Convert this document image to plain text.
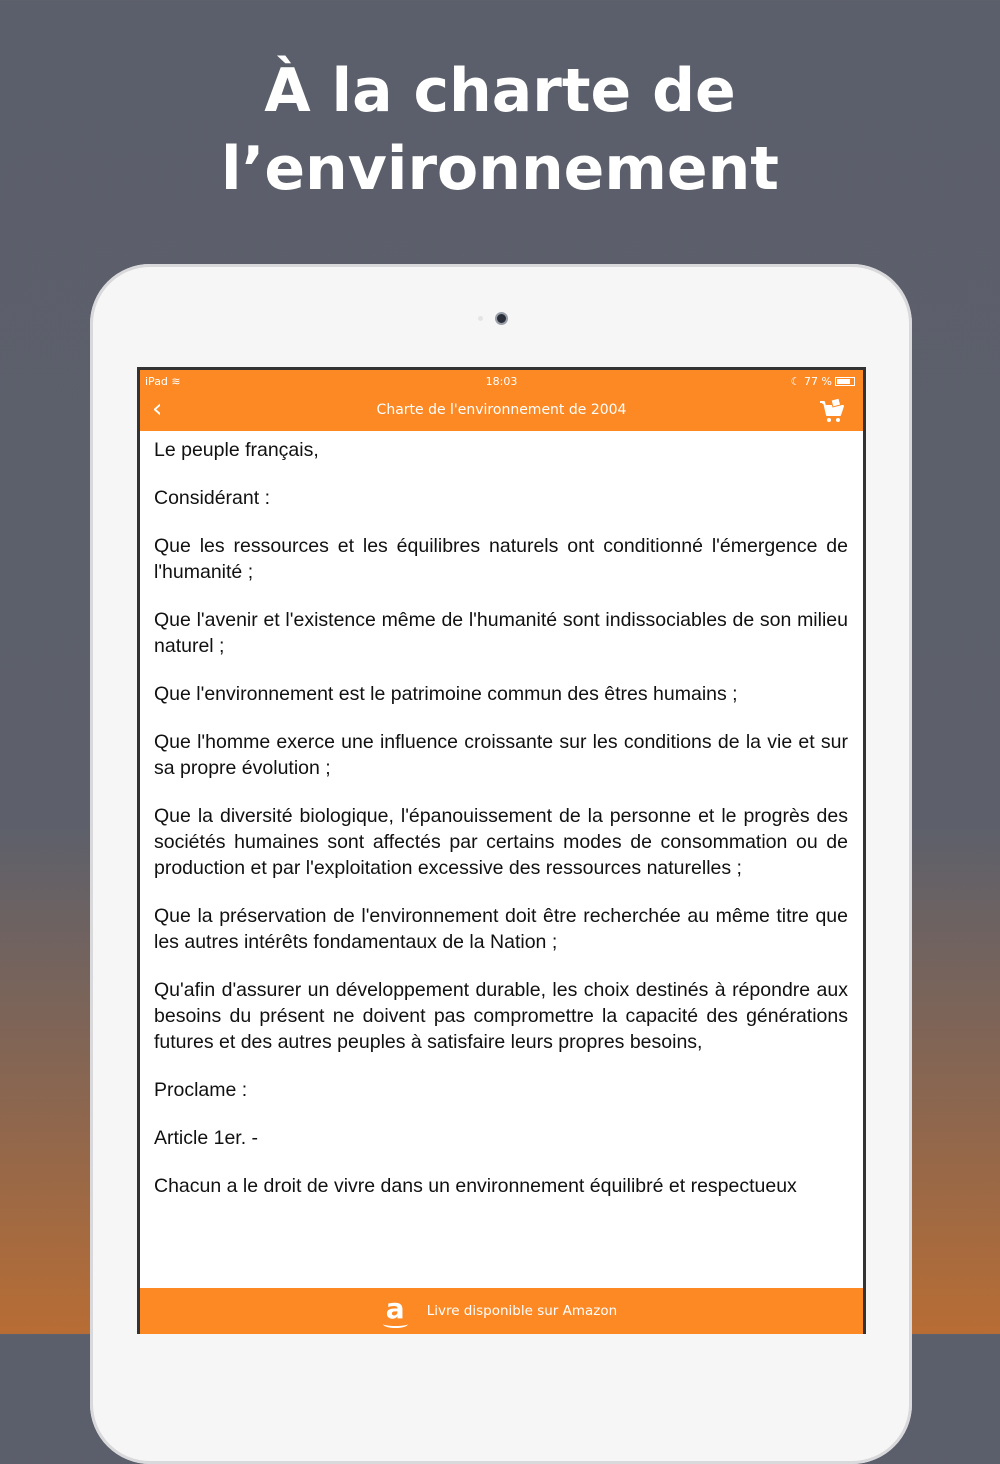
À la charte de
l’environnement
iPad ≋	18:03	☾ 77 %
‹	Charte de l'environnement de 2004

Le peuple français,

Considérant :

Que les ressources et les équilibres naturels ont conditionné l'émergence de l'humanité ;

Que l'avenir et l'existence même de l'humanité sont indissociables de son milieu naturel ;

Que l'environnement est le patrimoine commun des êtres humains ;

Que l'homme exerce une influence croissante sur les conditions de la vie et sur sa propre évolution ;

Que la diversité biologique, l'épanouissement de la personne et le progrès des sociétés humaines sont affectés par certains modes de consommation ou de production et par l'exploitation excessive des ressources naturelles ;

Que la préservation de l'environnement doit être recherchée au même titre que les autres intérêts fondamentaux de la Nation ;

Qu'afin d'assurer un développement durable, les choix destinés à répondre aux besoins du présent ne doivent pas compromettre la capacité des générations futures et des autres peuples à satisfaire leurs propres besoins,

Proclame :

Article 1er. -

Chacun a le droit de vivre dans un environnement équilibré et respectueux

a Livre disponible sur Amazon
